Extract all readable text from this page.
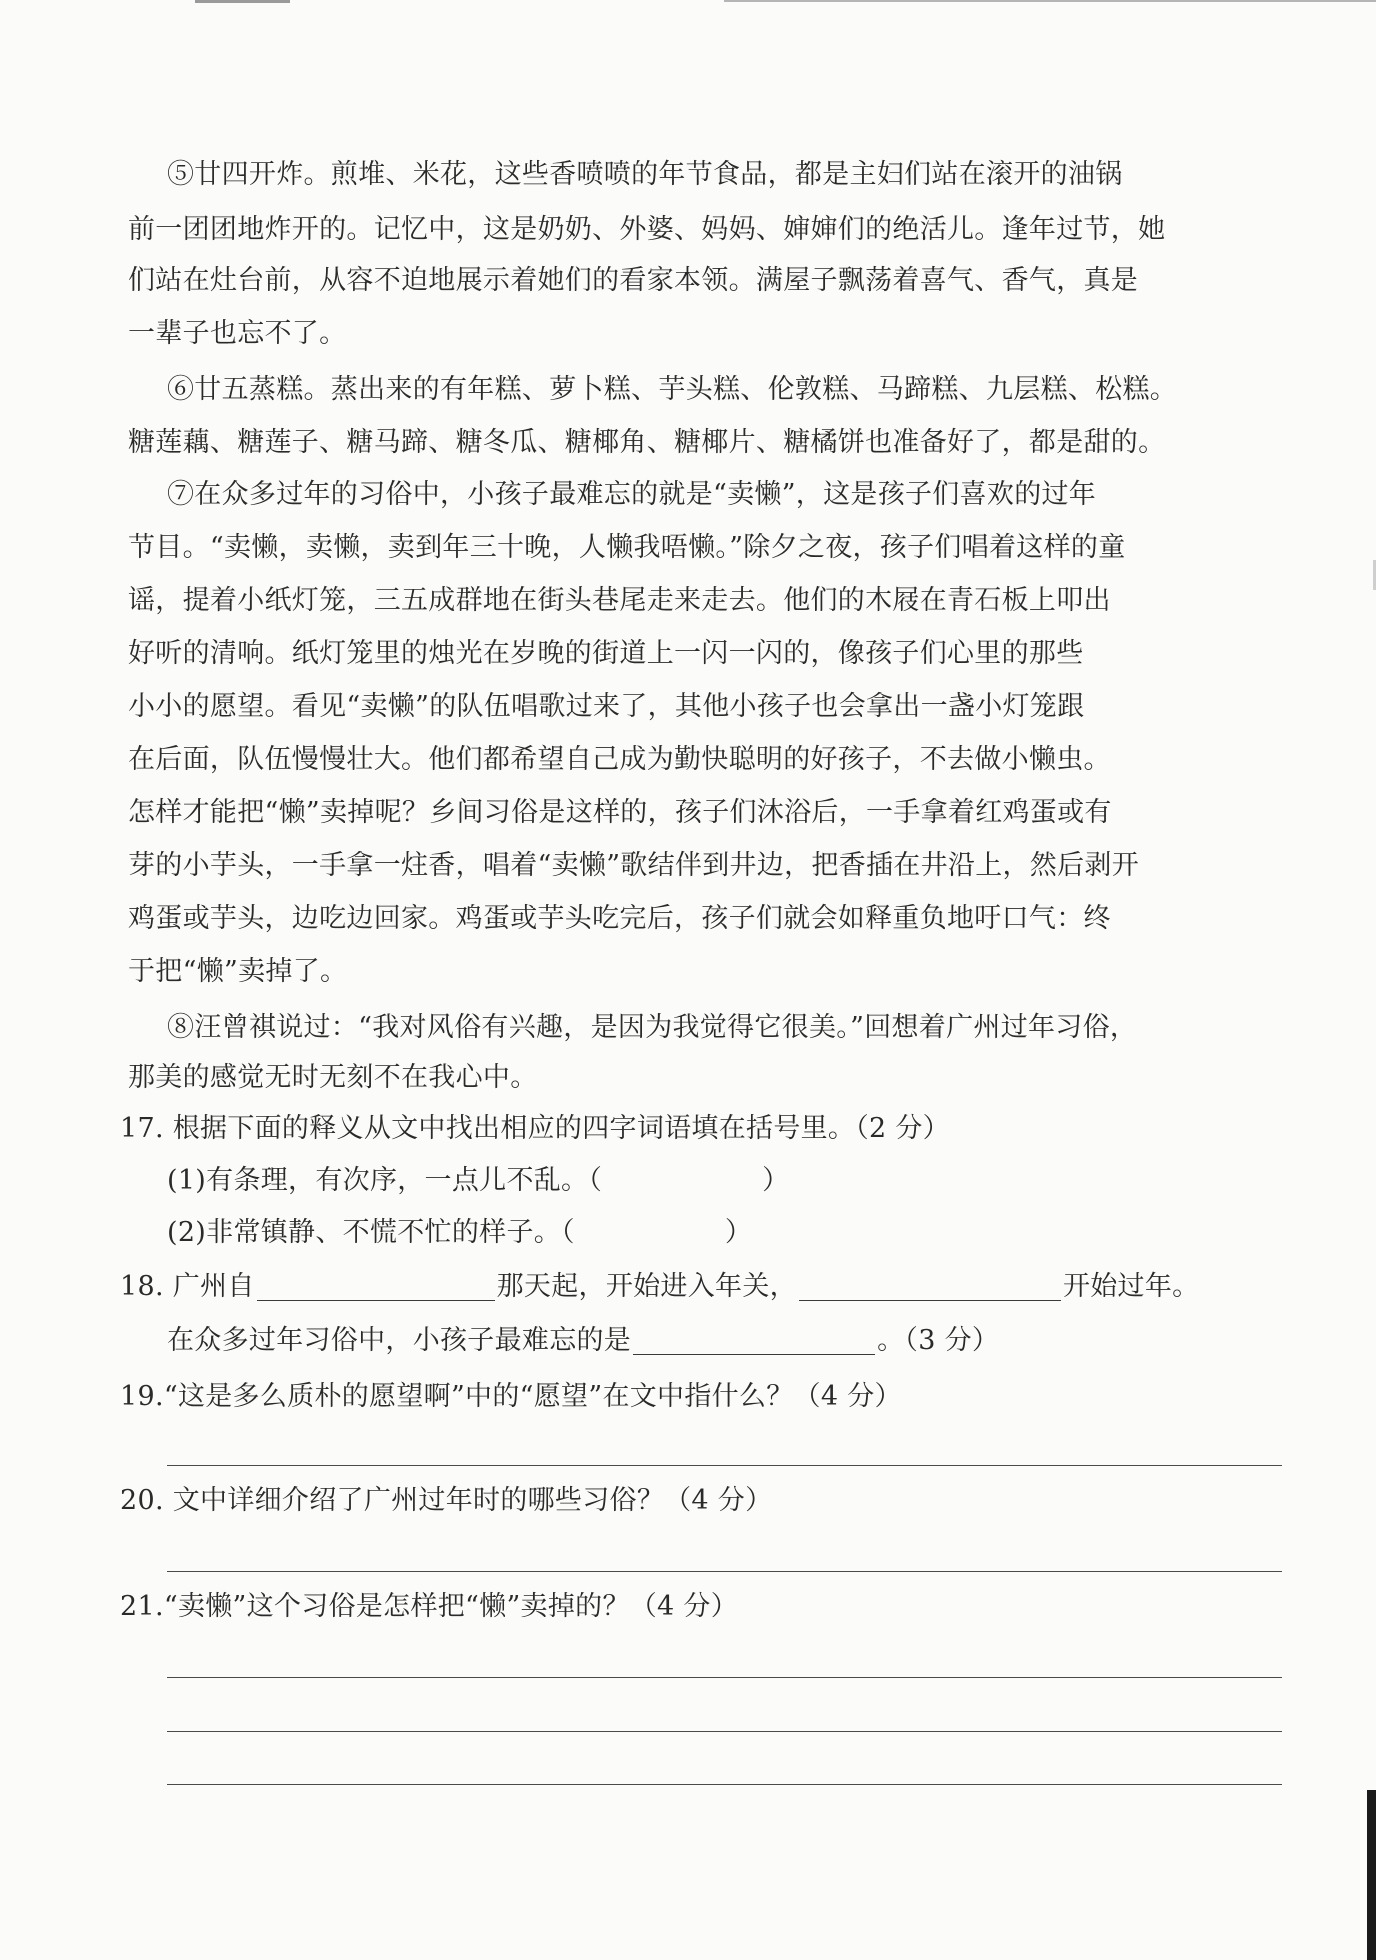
⑤廿四开炸。煎堆、米花，这些香喷喷的年节食品，都是主妇们站在滚开的油锅
前一团团地炸开的。记忆中，这是奶奶、外婆、妈妈、婶婶们的绝活儿。逢年过节，她
们站在灶台前，从容不迫地展示着她们的看家本领。满屋子飘荡着喜气、香气，真是
一辈子也忘不了。
⑥廿五蒸糕。蒸出来的有年糕、萝卜糕、芋头糕、伦敦糕、马蹄糕、九层糕、松糕。
糖莲藕、糖莲子、糖马蹄、糖冬瓜、糖椰角、糖椰片、糖橘饼也准备好了，都是甜的。
⑦在众多过年的习俗中，小孩子最难忘的就是“卖懒”，这是孩子们喜欢的过年
节目。“卖懒，卖懒，卖到年三十晚，人懒我唔懒。”除夕之夜，孩子们唱着这样的童
谣，提着小纸灯笼，三五成群地在街头巷尾走来走去。他们的木屐在青石板上叩出
好听的清响。纸灯笼里的烛光在岁晚的街道上一闪一闪的，像孩子们心里的那些
小小的愿望。看见“卖懒”的队伍唱歌过来了，其他小孩子也会拿出一盏小灯笼跟
在后面，队伍慢慢壮大。他们都希望自己成为勤快聪明的好孩子，不去做小懒虫。
怎样才能把“懒”卖掉呢？乡间习俗是这样的，孩子们沐浴后，一手拿着红鸡蛋或有
芽的小芋头，一手拿一炷香，唱着“卖懒”歌结伴到井边，把香插在井沿上，然后剥开
鸡蛋或芋头，边吃边回家。鸡蛋或芋头吃完后，孩子们就会如释重负地吁口气：终
于把“懒”卖掉了。
⑧汪曾祺说过：“我对风俗有兴趣，是因为我觉得它很美。”回想着广州过年习俗，
那美的感觉无时无刻不在我心中。
17. 根据下面的释义从文中找出相应的四字词语填在括号里。（2 分）
(1)有条理，有次序，一点儿不乱。（	）
(2)非常镇静、不慌不忙的样子。（	）
18. 广州自	那天起，开始进入年关，	开始过年。
在众多过年习俗中，小孩子最难忘的是	。（3 分）
19.“这是多么质朴的愿望啊”中的“愿望”在文中指什么？（4 分）
20. 文中详细介绍了广州过年时的哪些习俗？（4 分）
21.“卖懒”这个习俗是怎样把“懒”卖掉的？（4 分）
